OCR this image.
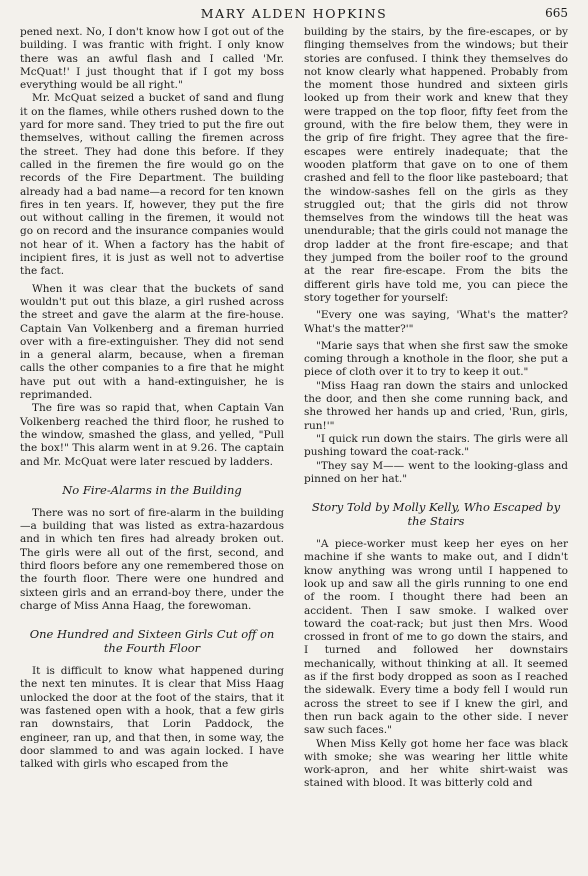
MARY ALDEN HOPKINS	665

pened next. No, I don't know how I got out of the building. I was frantic with fright. I only know there was an awful flash and I called 'Mr. McQuat!' I just thought that if I got my boss everything would be all right."

Mr. McQuat seized a bucket of sand and flung it on the flames, while others rushed down to the yard for more sand. They tried to put the fire out themselves, without calling the firemen across the street. They had done this before. If they called in the firemen the fire would go on the records of the Fire Department. The building already had a bad name—a record for ten known fires in ten years. If, however, they put the fire out without calling in the firemen, it would not go on record and the insurance companies would not hear of it. When a factory has the habit of incipient fires, it is just as well not to advertise the fact.

When it was clear that the buckets of sand wouldn't put out this blaze, a girl rushed across the street and gave the alarm at the fire-house. Captain Van Volkenberg and a fireman hurried over with a fire-extinguisher. They did not send in a general alarm, because, when a fireman calls the other companies to a fire that he might have put out with a hand-extinguisher, he is reprimanded.

The fire was so rapid that, when Captain Van Volkenberg reached the third floor, he rushed to the window, smashed the glass, and yelled, "Pull the box!" This alarm went in at 9.26. The captain and Mr. McQuat were later rescued by ladders.

No Fire-Alarms in the Building

There was no sort of fire-alarm in the building—a building that was listed as extra-hazardous and in which ten fires had already broken out. The girls were all out of the first, second, and third floors before any one remembered those on the fourth floor. There were one hundred and sixteen girls and an errand-boy there, under the charge of Miss Anna Haag, the forewoman.

One Hundred and Sixteen Girls Cut off on the Fourth Floor

It is difficult to know what happened during the next ten minutes. It is clear that Miss Haag unlocked the door at the foot of the stairs, that it was fastened open with a hook, that a few girls ran downstairs, that Lorin Paddock, the engineer, ran up, and that then, in some way, the door slammed to and was again locked. I have talked with girls who escaped from the

building by the stairs, by the fire-escapes, or by flinging themselves from the windows; but their stories are confused. I think they themselves do not know clearly what happened. Probably from the moment those hundred and sixteen girls looked up from their work and knew that they were trapped on the top floor, fifty feet from the ground, with the fire below them, they were in the grip of fire fright. They agree that the fire-escapes were entirely inadequate; that the wooden platform that gave on to one of them crashed and fell to the floor like pasteboard; that the window-sashes fell on the girls as they struggled out; that the girls did not throw themselves from the windows till the heat was unendurable; that the girls could not manage the drop ladder at the front fire-escape; and that they jumped from the boiler roof to the ground at the rear fire-escape. From the bits the different girls have told me, you can piece the story together for yourself:

"Every one was saying, 'What's the matter? What's the matter?'"

"Marie says that when she first saw the smoke coming through a knothole in the floor, she put a piece of cloth over it to try to keep it out."

"Miss Haag ran down the stairs and unlocked the door, and then she come running back, and she throwed her hands up and cried, 'Run, girls, run!'"

"I quick run down the stairs. The girls were all pushing toward the coat-rack."

"They say M—— went to the looking-glass and pinned on her hat."

Story Told by Molly Kelly, Who Escaped by the Stairs

"A piece-worker must keep her eyes on her machine if she wants to make out, and I didn't know anything was wrong until I happened to look up and saw all the girls running to one end of the room. I thought there had been an accident. Then I saw smoke. I walked over toward the coat-rack; but just then Mrs. Wood crossed in front of me to go down the stairs, and I turned and followed her downstairs mechanically, without thinking at all. It seemed as if the first body dropped as soon as I reached the sidewalk. Every time a body fell I would run across the street to see if I knew the girl, and then run back again to the other side. I never saw such faces."

When Miss Kelly got home her face was black with smoke; she was wearing her little white work-apron, and her white shirt-waist was stained with blood. It was bitterly cold and
